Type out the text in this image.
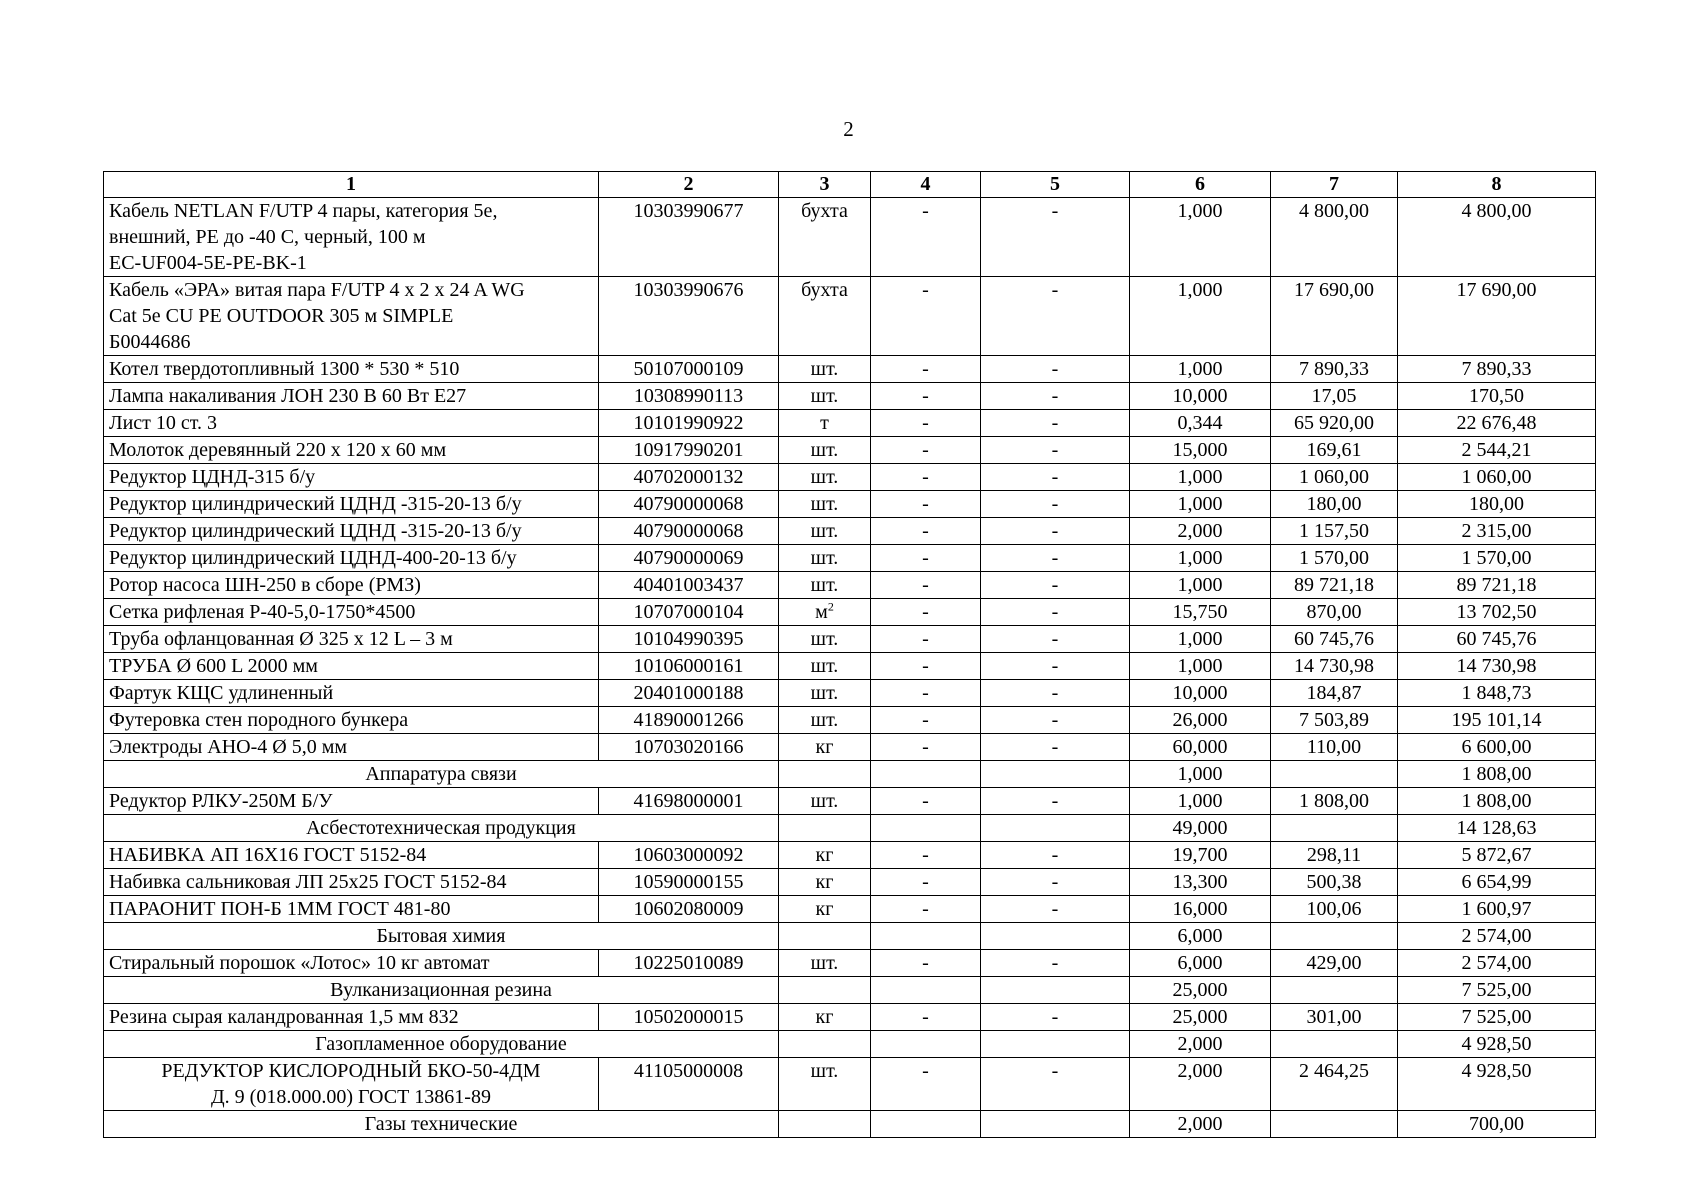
2
1	2	3	4	5	6	7	8

Кабель NETLAN F/UTP 4 пары, категория 5e,
внешний, PE до -40 С, черный, 100 м
EC-UF004-5E-PE-BK-1	10303990677	бухта	-	-	1,000	4 800,00	4 800,00

Кабель «ЭРА» витая пара F/UTP 4 x 2 x 24 A WG
Cat 5e CU PE OUTDOOR 305 м SIMPLE
Б0044686	10303990676	бухта	-	-	1,000	17 690,00	17 690,00

Котел твердотопливный 1300 * 530 * 510	50107000109	шт.	-	-	1,000	7 890,33	7 890,33

Лампа накаливания ЛОН 230 В 60 Вт Е27	10308990113	шт.	-	-	10,000	17,05	170,50

Лист 10 ст. 3	10101990922	т	-	-	0,344	65 920,00	22 676,48

Молоток деревянный 220 х 120 х 60 мм	10917990201	шт.	-	-	15,000	169,61	2 544,21

Редуктор ЦДНД-315 б/у	40702000132	шт.	-	-	1,000	1 060,00	1 060,00

Редуктор цилиндрический ЦДНД -315-20-13 б/у	40790000068	шт.	-	-	1,000	180,00	180,00

Редуктор цилиндрический ЦДНД -315-20-13 б/у	40790000068	шт.	-	-	2,000	1 157,50	2 315,00

Редуктор цилиндрический ЦДНД-400-20-13 б/у	40790000069	шт.	-	-	1,000	1 570,00	1 570,00

Ротор насоса ШН-250 в сборе (РМЗ)	40401003437	шт.	-	-	1,000	89 721,18	89 721,18

Сетка рифленая Р-40-5,0-1750*4500	10707000104	$м^2$	-	-	15,750	870,00	13 702,50

Труба офланцованная Ø 325 х 12 L – 3 м	10104990395	шт.	-	-	1,000	60 745,76	60 745,76

ТРУБА Ø 600 L 2000 мм	10106000161	шт.	-	-	1,000	14 730,98	14 730,98

Фартук КЩС удлиненный	20401000188	шт.	-	-	10,000	184,87	1 848,73

Футеровка стен породного бункера	41890001266	шт.	-	-	26,000	7 503,89	195 101,14

Электроды АНО-4 Ø 5,0 мм	10703020166	кг	-	-	60,000	110,00	6 600,00
Аппаратура связи					1,000		1 808,00

Редуктор РЛКУ-250М Б/У	41698000001	шт.	-	-	1,000	1 808,00	1 808,00
Асбестотехническая продукция					49,000		14 128,63

НАБИВКА АП 16Х16 ГОСТ 5152-84	10603000092	кг	-	-	19,700	298,11	5 872,67

Набивка сальниковая ЛП 25х25 ГОСТ 5152-84	10590000155	кг	-	-	13,300	500,38	6 654,99

ПАРАОНИТ ПОН-Б 1ММ ГОСТ 481-80	10602080009	кг	-	-	16,000	100,06	1 600,97
Бытовая химия					6,000		2 574,00

Стиральный порошок «Лотос» 10 кг автомат	10225010089	шт.	-	-	6,000	429,00	2 574,00
Вулканизационная резина					25,000		7 525,00

Резина сырая каландрованная 1,5 мм 832	10502000015	кг	-	-	25,000	301,00	7 525,00
Газопламенное оборудование					2,000		4 928,50

РЕДУКТОР КИСЛОРОДНЫЙ БКО-50-4ДМ
Д. 9 (018.000.00) ГОСТ 13861-89	41105000008	шт.	-	-	2,000	2 464,25	4 928,50
Газы технические					2,000		700,00
